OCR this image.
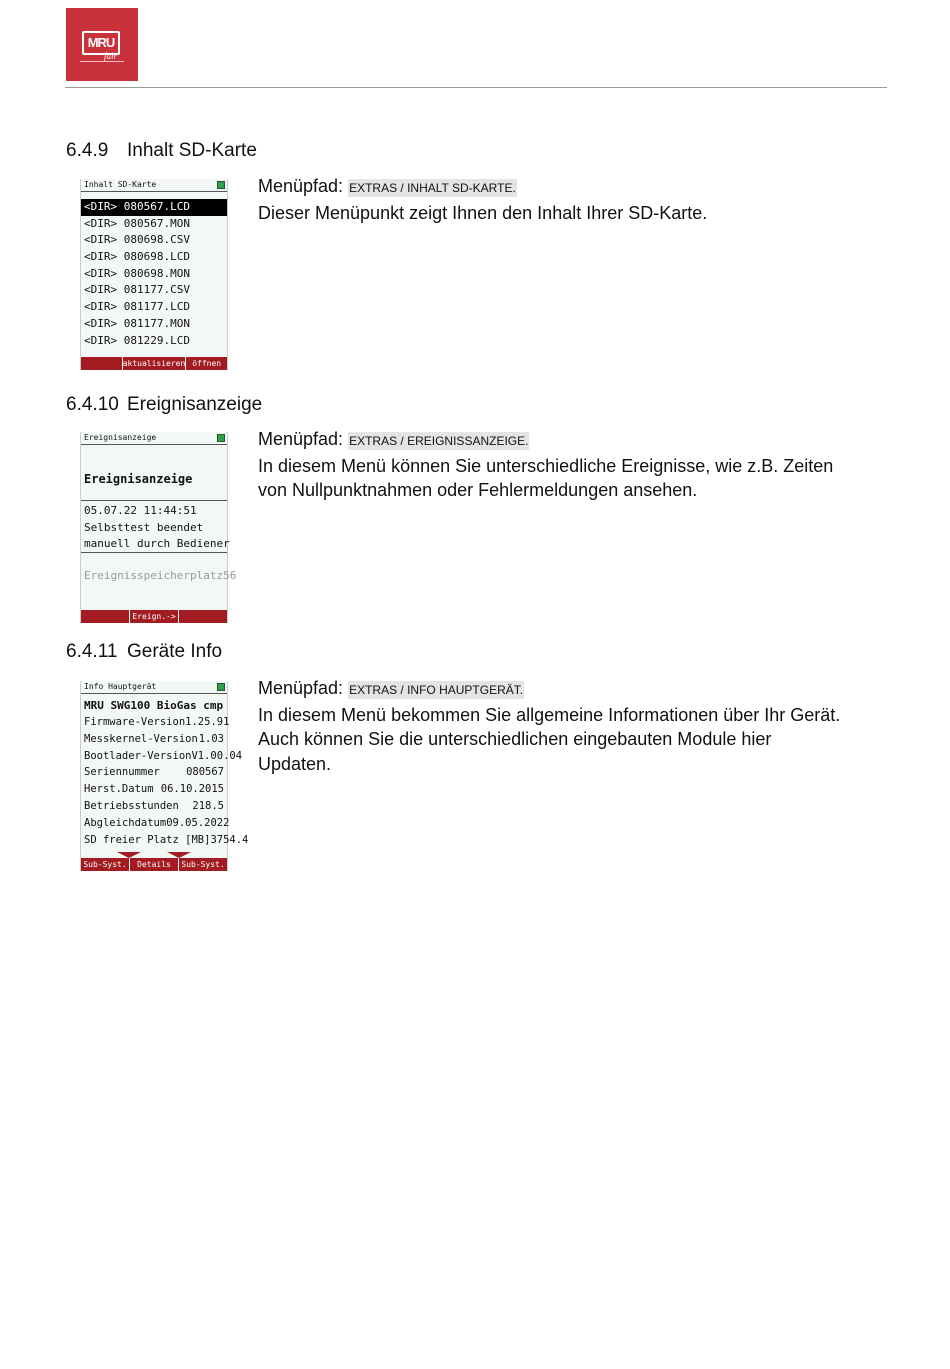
MRU
fair
6.4.9 Inhalt SD-Karte
Inhalt SD-Karte
<DIR> 080567.LCD
<DIR> 080567.MON
<DIR> 080698.CSV
<DIR> 080698.LCD
<DIR> 080698.MON
<DIR> 081177.CSV
<DIR> 081177.LCD
<DIR> 081177.MON
<DIR> 081229.LCD
aktualisieren öffnen
Menüpfad: EXTRAS / INHALT SD-KARTE.
Dieser Menüpunkt zeigt Ihnen den Inhalt Ihrer SD-Karte.
6.4.10 Ereignisanzeige
Ereignisanzeige
Ereignisanzeige
05.07.22 11:44:51
Selbsttest beendet
manuell durch Bediener
Ereignisspeicherplatz 56
Ereign.-> SD
Menüpfad: EXTRAS / EREIGNISSANZEIGE.
In diesem Menü können Sie unterschiedliche Ereignisse, wie z.B. Zeiten
von Nullpunktnahmen oder Fehlermeldungen ansehen.
6.4.11 Geräte Info
Info Hauptgerät
MRU SWG100 BioGas cmp
Firmware-Version 1.25.91
Messkernel-Version 1.03
Bootlader-Version V1.00.04
Seriennummer 080567
Herst.Datum 06.10.2015
Betriebsstunden 218.5
Abgleichdatum 09.05.2022
SD freier Platz [MB] 3754.4
Sub-Syst.	Details	Sub-Syst.
Menüpfad: EXTRAS / INFO HAUPTGERÄT.
In diesem Menü bekommen Sie allgemeine Informationen über Ihr Gerät.
Auch können Sie die unterschiedlichen eingebauten Module hier
Updaten.
